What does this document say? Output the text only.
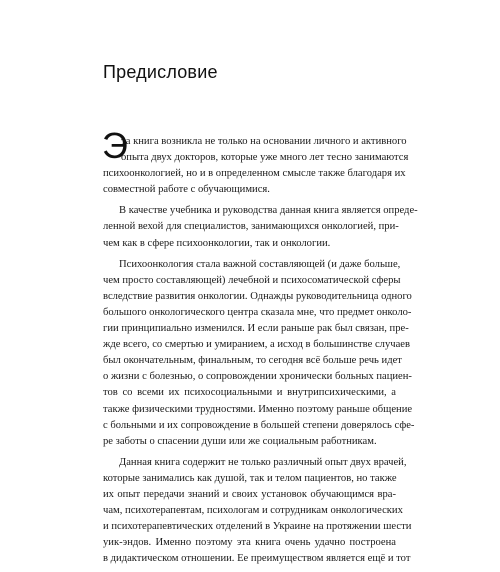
Предисловие
Э
та книга возникла не только на основании личного и активного
опыта двух докторов, которые уже много лет тесно занимаются
психоонкологией, но и в определенном смысле также благодаря их
совместной работе с обучающимися.
В качестве учебника и руководства данная книга является опреде-
ленной вехой для специалистов, занимающихся онкологией, при-
чем как в сфере психоонкологии, так и онкологии.
Психоонкология стала важной составляющей (и даже больше,
чем просто составляющей) лечебной и психосоматической сферы
вследствие развития онкологии. Однажды руководительница одного
большого онкологического центра сказала мне, что предмет онколо-
гии принципиально изменился. И если раньше рак был связан, пре-
жде всего, со смертью и умиранием, а исход в большинстве случаев
был окончательным, финальным, то сегодня всё больше речь идет
о жизни с болезнью, о сопровождении хронически больных пациен-
тов со всеми их психосоциальными и внутрипсихическими, а
также физическими трудностями. Именно поэтому раньше общение
с больными и их сопровождение в большей степени доверялось сфе-
ре заботы о спасении души или же социальным работникам.
Данная книга содержит не только различный опыт двух врачей,
которые занимались как душой, так и телом пациентов, но также
их опыт передачи знаний и своих установок обучающимся вра-
чам, психотерапевтам, психологам и сотрудникам онкологических
и психотерапевтических отделений в Украине на протяжении шести
уик-эндов. Именно поэтому эта книга очень удачно построена
в дидактическом отношении. Ее преимуществом является ещё и тот
